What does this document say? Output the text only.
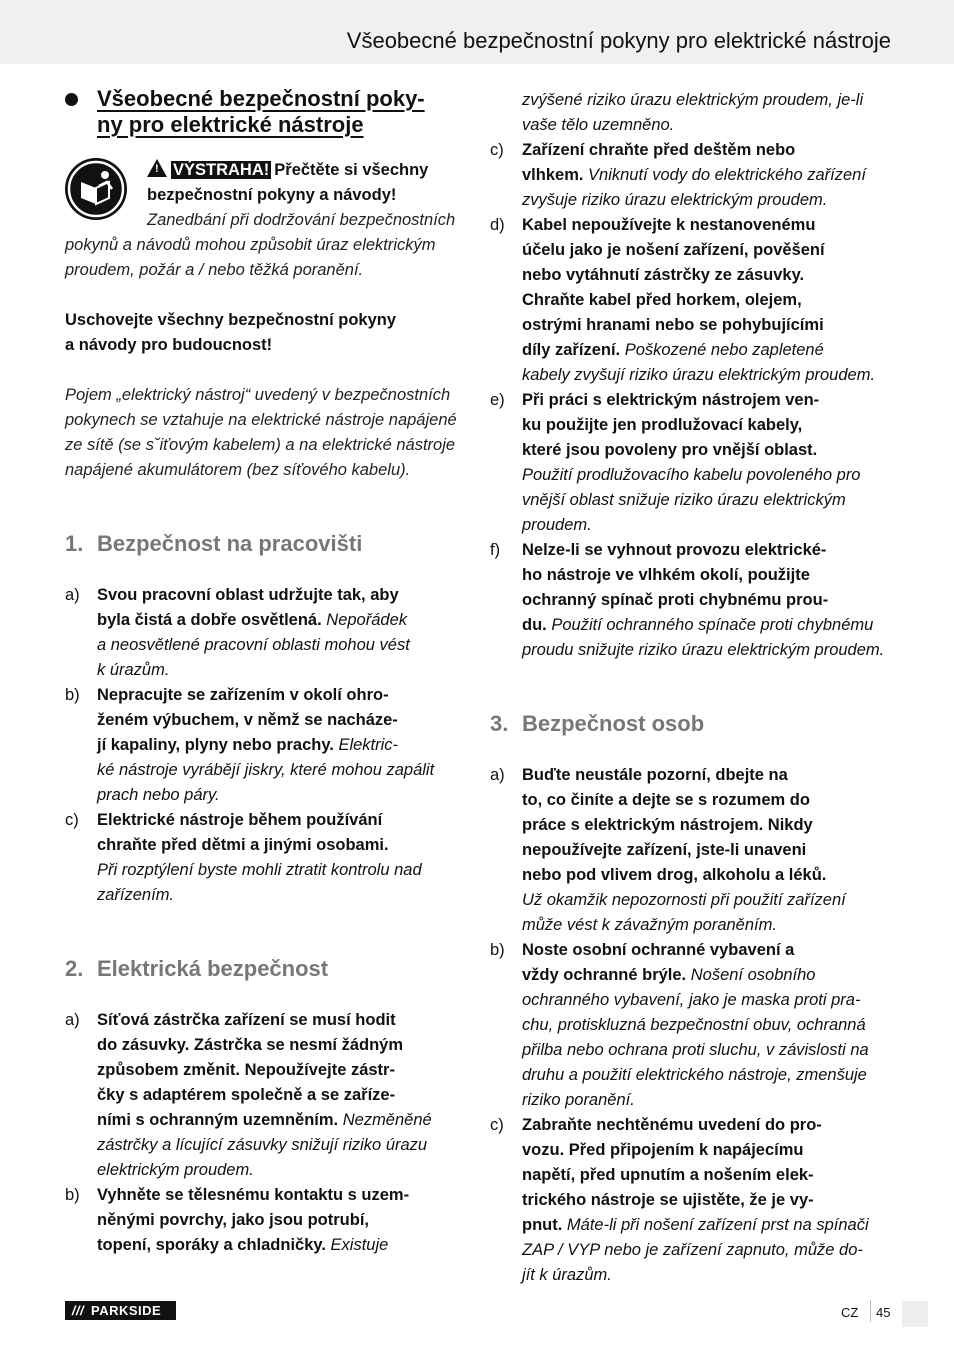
Všeobecné bezpečnostní pokyny pro elektrické nástroje
Všeobecné bezpečnostní poky-
ny pro elektrické nástroje
! VÝSTRAHA! Přečtěte si všechny
bezpečnostní pokyny a návody!
Zanedbání při dodržování bezpečnostních
pokynů a návodů mohou způsobit úraz elektrickým
proudem, požár a / nebo těžká poranění.
Uschovejte všechny bezpečnostní pokyny
a návody pro budoucnost!
Pojem „elektrický nástroj“ uvedený v bezpečnostních
pokynech se vztahuje na elektrické nástroje napájené
ze sítě (se s˘iťovým kabelem) a na elektrické nástroje
napájené akumulátorem (bez síťového kabelu).
1. Bezpečnost na pracovišti
a) Svou pracovní oblast udržujte tak, aby
byla čistá a dobře osvětlená. Nepořádek
a neosvětlené pracovní oblasti mohou vést
k úrazům.
b) Nepracujte se zařízením v okolí ohro-
ženém výbuchem, v němž se nacháze-
jí kapaliny, plyny nebo prachy. Elektric-
ké nástroje vyrábějí jiskry, které mohou zapálit
prach nebo páry.
c) Elektrické nástroje během používání
chraňte před dětmi a jinými osobami.
Při rozptýlení byste mohli ztratit kontrolu nad
zařízením.
2. Elektrická bezpečnost
a) Síťová zástrčka zařízení se musí hodit
do zásuvky. Zástrčka se nesmí žádným
způsobem změnit. Nepoužívejte zástr-
čky s adaptérem společně a se zaříze-
ními s ochranným uzemněním. Nezměněné
zástrčky a lícující zásuvky snižují riziko úrazu
elektrickým proudem.
b) Vyhněte se tělesnému kontaktu s uzem-
něnými povrchy, jako jsou potrubí,
topení, sporáky a chladničky. Existuje
zvýšené riziko úrazu elektrickým proudem, je-li
vaše tělo uzemněno.
c) Zařízení chraňte před deštěm nebo
vlhkem. Vniknutí vody do elektrického zařízení
zvyšuje riziko úrazu elektrickým proudem.
d) Kabel nepoužívejte k nestanovenému
účelu jako je nošení zařízení, pověšení
nebo vytáhnutí zástrčky ze zásuvky.
Chraňte kabel před horkem, olejem,
ostrými hranami nebo se pohybujícími
díly zařízení. Poškozené nebo zapletené
kabely zvyšují riziko úrazu elektrickým proudem.
e) Při práci s elektrickým nástrojem ven-
ku použijte jen prodlužovací kabely,
které jsou povoleny pro vnější oblast.
Použití prodlužovacího kabelu povoleného pro
vnější oblast snižuje riziko úrazu elektrickým
proudem.
f) Nelze-li se vyhnout provozu elektrické-
ho nástroje ve vlhkém okolí, použijte
ochranný spínač proti chybnému prou-
du. Použití ochranného spínače proti chybnému
proudu snižujte riziko úrazu elektrickým proudem.
3. Bezpečnost osob
a) Buďte neustále pozorní, dbejte na
to, co činíte a dejte se s rozumem do
práce s elektrickým nástrojem. Nikdy
nepoužívejte zařízení, jste-li unaveni
nebo pod vlivem drog, alkoholu a léků.
Už okamžik nepozornosti při použití zařízení
může vést k závažným poraněním.
b) Noste osobní ochranné vybavení a
vždy ochranné brýle. Nošení osobního
ochranného vybavení, jako je maska proti pra-
chu, protiskluzná bezpečnostní obuv, ochranná
přilba nebo ochrana proti sluchu, v závislosti na
druhu a použití elektrického nástroje, zmenšuje
riziko poranění.
c) Zabraňte nechtěnému uvedení do pro-
vozu. Před připojením k napájecímu
napětí, před upnutím a nošením elek-
trického nástroje se ujistěte, že je vy-
pnut. Máte-li při nošení zařízení prst na spínači
ZAP / VYP nebo je zařízení zapnuto, může do-
jít k úrazům.
/// PARKSIDE	CZ 45
